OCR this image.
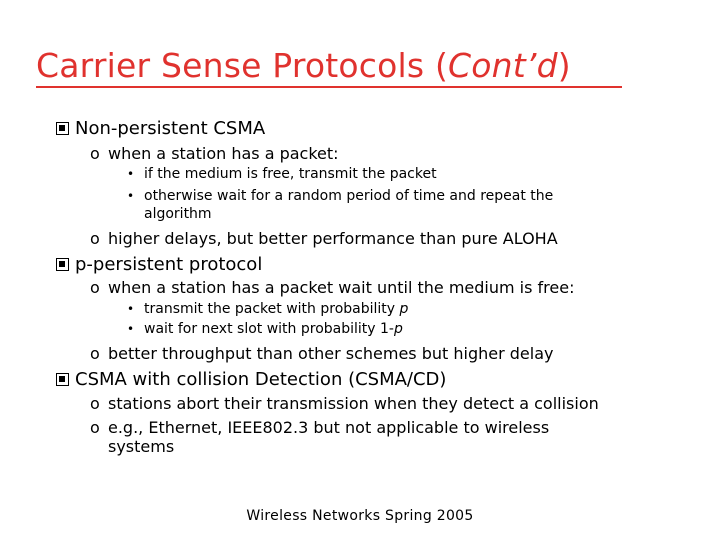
Carrier Sense Protocols (Cont’d)
Non-persistent CSMA
o when a station has a packet:
• if the medium is free, transmit the packet
• otherwise wait for a random period of time and repeat the
algorithm
o higher delays, but better performance than pure ALOHA
p-persistent protocol
o when a station has a packet wait until the medium is free:
• transmit the packet with probability p
• wait for next slot with probability 1-p
o better throughput than other schemes but higher delay
CSMA with collision Detection (CSMA/CD)
o stations abort their transmission when they detect a collision
o e.g., Ethernet, IEEE802.3 but not applicable to wireless
systems
Wireless Networks Spring 2005
